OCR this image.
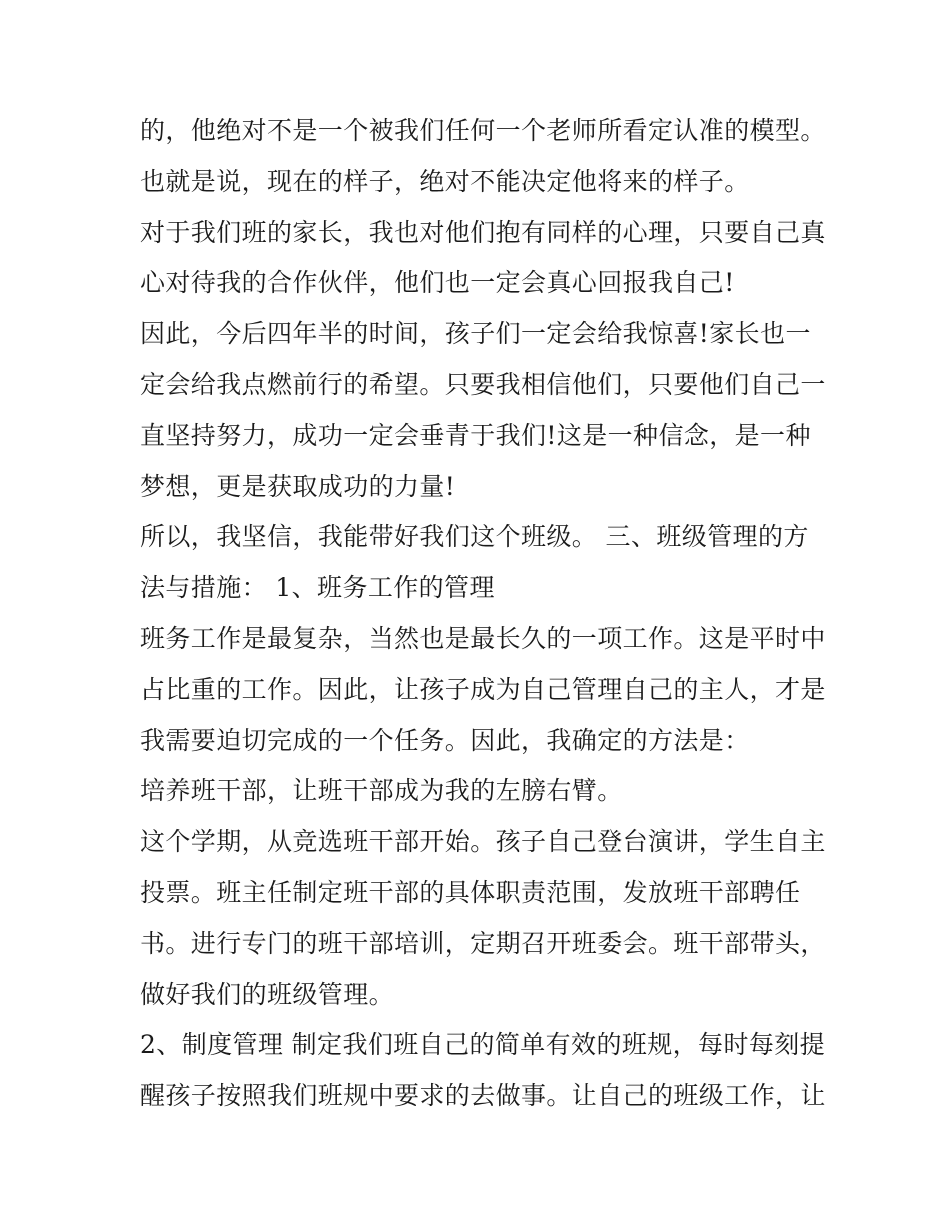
的，他绝对不是一个被我们任何一个老师所看定认准的模型。
也就是说，现在的样子，绝对不能决定他将来的样子。
对于我们班的家长，我也对他们抱有同样的心理，只要自己真
心对待我的合作伙伴，他们也一定会真心回报我自己!
因此，今后四年半的时间，孩子们一定会给我惊喜!家长也一
定会给我点燃前行的希望。只要我相信他们，只要他们自己一
直坚持努力，成功一定会垂青于我们!这是一种信念，是一种
梦想，更是获取成功的力量!
所以，我坚信，我能带好我们这个班级。 三、班级管理的方
法与措施： 1、班务工作的管理
班务工作是最复杂，当然也是最长久的一项工作。这是平时中
占比重的工作。因此，让孩子成为自己管理自己的主人，才是
我需要迫切完成的一个任务。因此，我确定的方法是：
培养班干部，让班干部成为我的左膀右臂。
这个学期，从竞选班干部开始。孩子自己登台演讲，学生自主
投票。班主任制定班干部的具体职责范围，发放班干部聘任
书。进行专门的班干部培训，定期召开班委会。班干部带头，
做好我们的班级管理。
2、制度管理 制定我们班自己的简单有效的班规，每时每刻提
醒孩子按照我们班规中要求的去做事。让自己的班级工作，让
